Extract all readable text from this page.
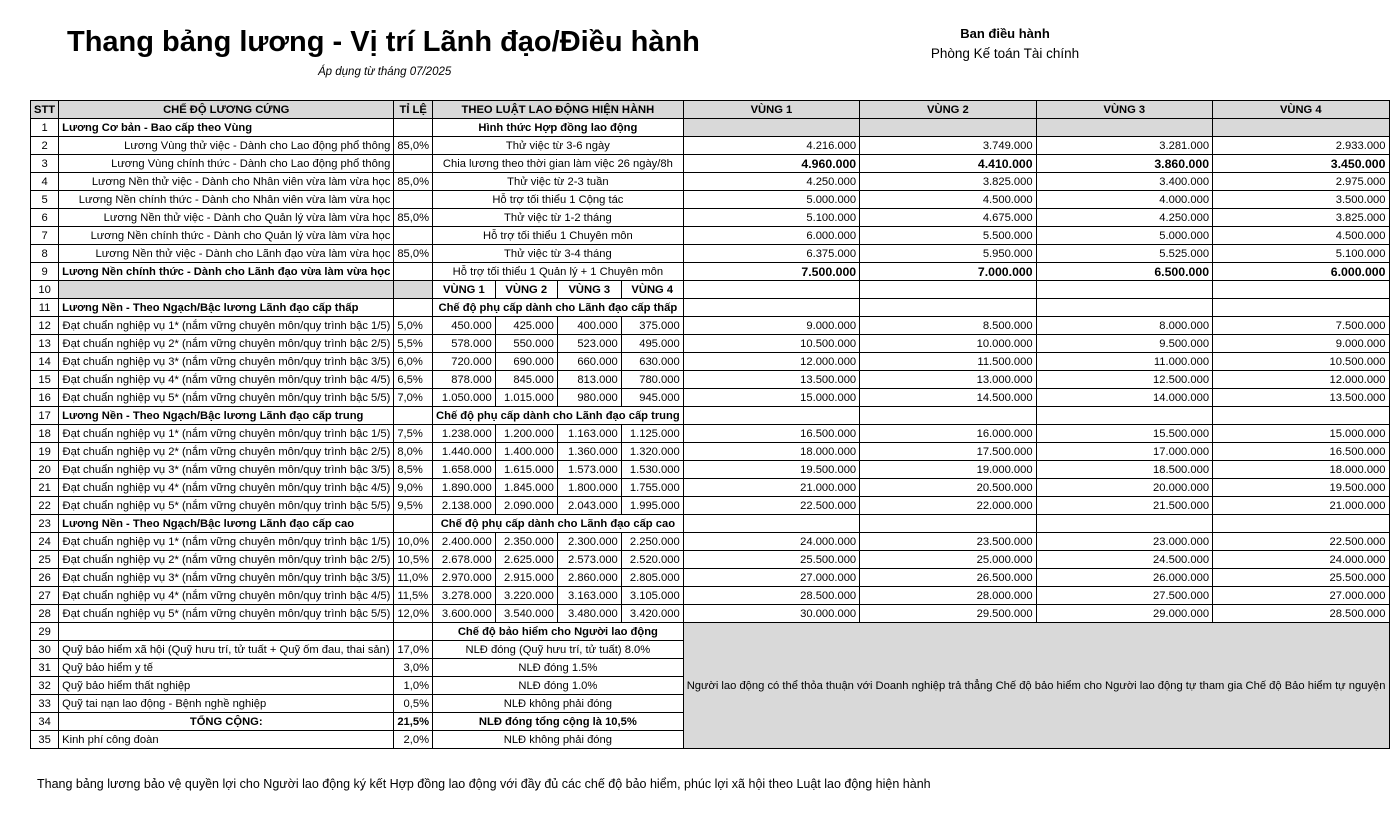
Thang bảng lương - Vị trí Lãnh đạo/Điều hành
Áp dụng từ tháng 07/2025
Ban điều hành
Phòng Kế toán Tài chính
STT	CHẾ ĐỘ LƯƠNG CỨNG	TỈ LỆ	THEO LUẬT LAO ĐỘNG HIỆN HÀNH				VÙNG 1	VÙNG 2	VÙNG 3	VÙNG 4
1	Lương Cơ bản - Bao cấp theo Vùng		Hình thức Hợp đồng lao động							
2	Lương Vùng thử việc - Dành cho Lao động phổ thông	85,0%	Thử việc từ 3-6 ngày				4.216.000	3.749.000	3.281.000	2.933.000
3	Lương Vùng chính thức - Dành cho Lao động phổ thông		Chia lương theo thời gian làm việc 26 ngày/8h				4.960.000	4.410.000	3.860.000	3.450.000
4	Lương Nền thử việc - Dành cho Nhân viên vừa làm vừa học	85,0%	Thử việc từ 2-3 tuần				4.250.000	3.825.000	3.400.000	2.975.000
5	Lương Nền chính thức - Dành cho Nhân viên vừa làm vừa học		Hỗ trợ tối thiểu 1 Cộng tác				5.000.000	4.500.000	4.000.000	3.500.000
6	Lương Nền thử việc - Dành cho Quản lý vừa làm vừa học	85,0%	Thử việc từ 1-2 tháng				5.100.000	4.675.000	4.250.000	3.825.000
7	Lương Nền chính thức - Dành cho Quản lý vừa làm vừa học		Hỗ trợ tối thiểu 1 Chuyên môn				6.000.000	5.500.000	5.000.000	4.500.000
8	Lương Nền thử việc - Dành cho Lãnh đạo vừa làm vừa học	85,0%	Thử việc từ 3-4 tháng				6.375.000	5.950.000	5.525.000	5.100.000
9	Lương Nền chính thức - Dành cho Lãnh đạo vừa làm vừa học		Hỗ trợ tối thiểu 1 Quản lý + 1 Chuyên môn				7.500.000	7.000.000	6.500.000	6.000.000
10			VÙNG 1	VÙNG 2	VÙNG 3	VÙNG 4				
11	Lương Nền - Theo Ngạch/Bậc lương Lãnh đạo cấp thấp		Chế độ phụ cấp dành cho Lãnh đạo cấp thấp							
12	Đạt chuẩn nghiệp vụ 1* (nắm vững chuyên môn/quy trình bậc 1/5)	5,0%	450.000	425.000	400.000	375.000	9.000.000	8.500.000	8.000.000	7.500.000
13	Đạt chuẩn nghiệp vụ 2* (nắm vững chuyên môn/quy trình bậc 2/5)	5,5%	578.000	550.000	523.000	495.000	10.500.000	10.000.000	9.500.000	9.000.000
14	Đạt chuẩn nghiệp vụ 3* (nắm vững chuyên môn/quy trình bậc 3/5)	6,0%	720.000	690.000	660.000	630.000	12.000.000	11.500.000	11.000.000	10.500.000
15	Đạt chuẩn nghiệp vụ 4* (nắm vững chuyên môn/quy trình bậc 4/5)	6,5%	878.000	845.000	813.000	780.000	13.500.000	13.000.000	12.500.000	12.000.000
16	Đạt chuẩn nghiệp vụ 5* (nắm vững chuyên môn/quy trình bậc 5/5)	7,0%	1.050.000	1.015.000	980.000	945.000	15.000.000	14.500.000	14.000.000	13.500.000
17	Lương Nền - Theo Ngạch/Bậc lương Lãnh đạo cấp trung		Chế độ phụ cấp dành cho Lãnh đạo cấp trung							
18	Đạt chuẩn nghiệp vụ 1* (nắm vững chuyên môn/quy trình bậc 1/5)	7,5%	1.238.000	1.200.000	1.163.000	1.125.000	16.500.000	16.000.000	15.500.000	15.000.000
19	Đạt chuẩn nghiệp vụ 2* (nắm vững chuyên môn/quy trình bậc 2/5)	8,0%	1.440.000	1.400.000	1.360.000	1.320.000	18.000.000	17.500.000	17.000.000	16.500.000
20	Đạt chuẩn nghiệp vụ 3* (nắm vững chuyên môn/quy trình bậc 3/5)	8,5%	1.658.000	1.615.000	1.573.000	1.530.000	19.500.000	19.000.000	18.500.000	18.000.000
21	Đạt chuẩn nghiệp vụ 4* (nắm vững chuyên môn/quy trình bậc 4/5)	9,0%	1.890.000	1.845.000	1.800.000	1.755.000	21.000.000	20.500.000	20.000.000	19.500.000
22	Đạt chuẩn nghiệp vụ 5* (nắm vững chuyên môn/quy trình bậc 5/5)	9,5%	2.138.000	2.090.000	2.043.000	1.995.000	22.500.000	22.000.000	21.500.000	21.000.000
23	Lương Nền - Theo Ngạch/Bậc lương Lãnh đạo cấp cao		Chế độ phụ cấp dành cho Lãnh đạo cấp cao							
24	Đạt chuẩn nghiệp vụ 1* (nắm vững chuyên môn/quy trình bậc 1/5)	10,0%	2.400.000	2.350.000	2.300.000	2.250.000	24.000.000	23.500.000	23.000.000	22.500.000
25	Đạt chuẩn nghiệp vụ 2* (nắm vững chuyên môn/quy trình bậc 2/5)	10,5%	2.678.000	2.625.000	2.573.000	2.520.000	25.500.000	25.000.000	24.500.000	24.000.000
26	Đạt chuẩn nghiệp vụ 3* (nắm vững chuyên môn/quy trình bậc 3/5)	11,0%	2.970.000	2.915.000	2.860.000	2.805.000	27.000.000	26.500.000	26.000.000	25.500.000
27	Đạt chuẩn nghiệp vụ 4* (nắm vững chuyên môn/quy trình bậc 4/5)	11,5%	3.278.000	3.220.000	3.163.000	3.105.000	28.500.000	28.000.000	27.500.000	27.000.000
28	Đạt chuẩn nghiệp vụ 5* (nắm vững chuyên môn/quy trình bậc 5/5)	12,0%	3.600.000	3.540.000	3.480.000	3.420.000	30.000.000	29.500.000	29.000.000	28.500.000
29			Chế độ bảo hiểm cho Người lao động				Người lao động có thể thỏa thuận với Doanh nghiệp trả thẳng Chế độ bảo hiểm cho Người lao động tự tham gia Chế độ Bảo hiểm tự nguyện			
30	Quỹ bảo hiểm xã hội (Quỹ hưu trí, tử tuất + Quỹ ốm đau, thai sản)	17,0%	NLĐ đóng (Quỹ hưu trí, tử tuất) 8.0%							
31	Quỹ bảo hiểm y tế	3,0%	NLĐ đóng 1.5%							
32	Quỹ bảo hiểm thất nghiệp	1,0%	NLĐ đóng 1.0%							
33	Quỹ tai nạn lao động - Bệnh nghề nghiệp	0,5%	NLĐ không phải đóng							
34	TỔNG CỘNG:	21,5%	NLĐ đóng tổng cộng là 10,5%							
35	Kinh phí công đoàn	2,0%	NLĐ không phải đóng							
Thang bảng lương bảo vệ quyền lợi cho Người lao động ký kết Hợp đồng lao động với đầy đủ các chế độ bảo hiểm, phúc lợi xã hội theo Luật lao động hiện hành
